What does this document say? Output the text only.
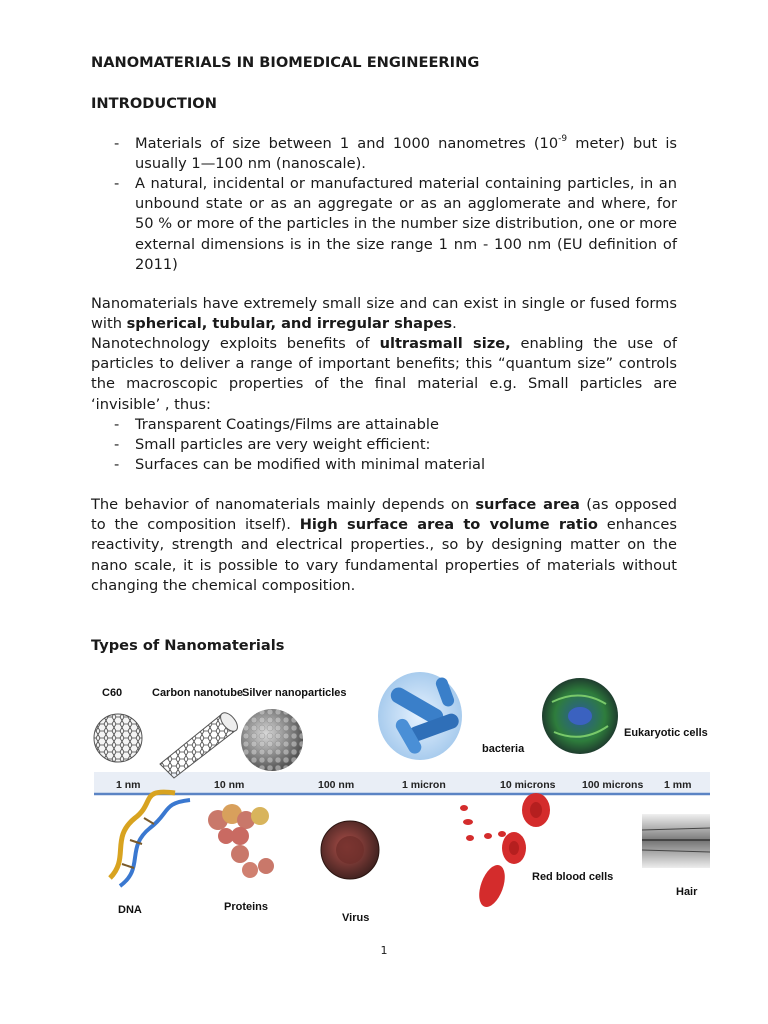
NANOMATERIALS IN BIOMEDICAL ENGINEERING
INTRODUCTION
- Materials of size between 1 and 1000 nanometres ($10^{-9}$ meter) but is usually 1—100 nm (nanoscale).
- A natural, incidental or manufactured material containing particles, in an unbound state or as an aggregate or as an agglomerate and where, for 50 % or more of the particles in the number size distribution, one or more external dimensions is in the size range 1 nm - 100 nm (EU definition of 2011)
Nanomaterials have extremely small size and can exist in single or fused forms with spherical, tubular, and irregular shapes.
Nanotechnology exploits benefits of ultrasmall size, enabling the use of particles to deliver a range of important benefits; this “quantum size” controls the macroscopic properties of the final material e.g. Small particles are ‘invisible’ , thus:
- Transparent Coatings/Films are attainable
- Small particles are very weight efficient:
- Surfaces can be modified with minimal material
The behavior of nanomaterials mainly depends on surface area (as opposed to the composition itself). High surface area to volume ratio enhances reactivity, strength and electrical properties., so by designing matter on the nano scale, it is possible to vary fundamental properties of materials without changing the chemical composition.
Types of Nanomaterials
1 nm	10 nm	100 nm	1 micron	10 microns	100 microns 1 mm
C60	Carbon nanotube
Silver nanoparticles
bacteria
Eukaryotic cells
DNA	Proteins
Virus
Red blood cells
Hair
1
